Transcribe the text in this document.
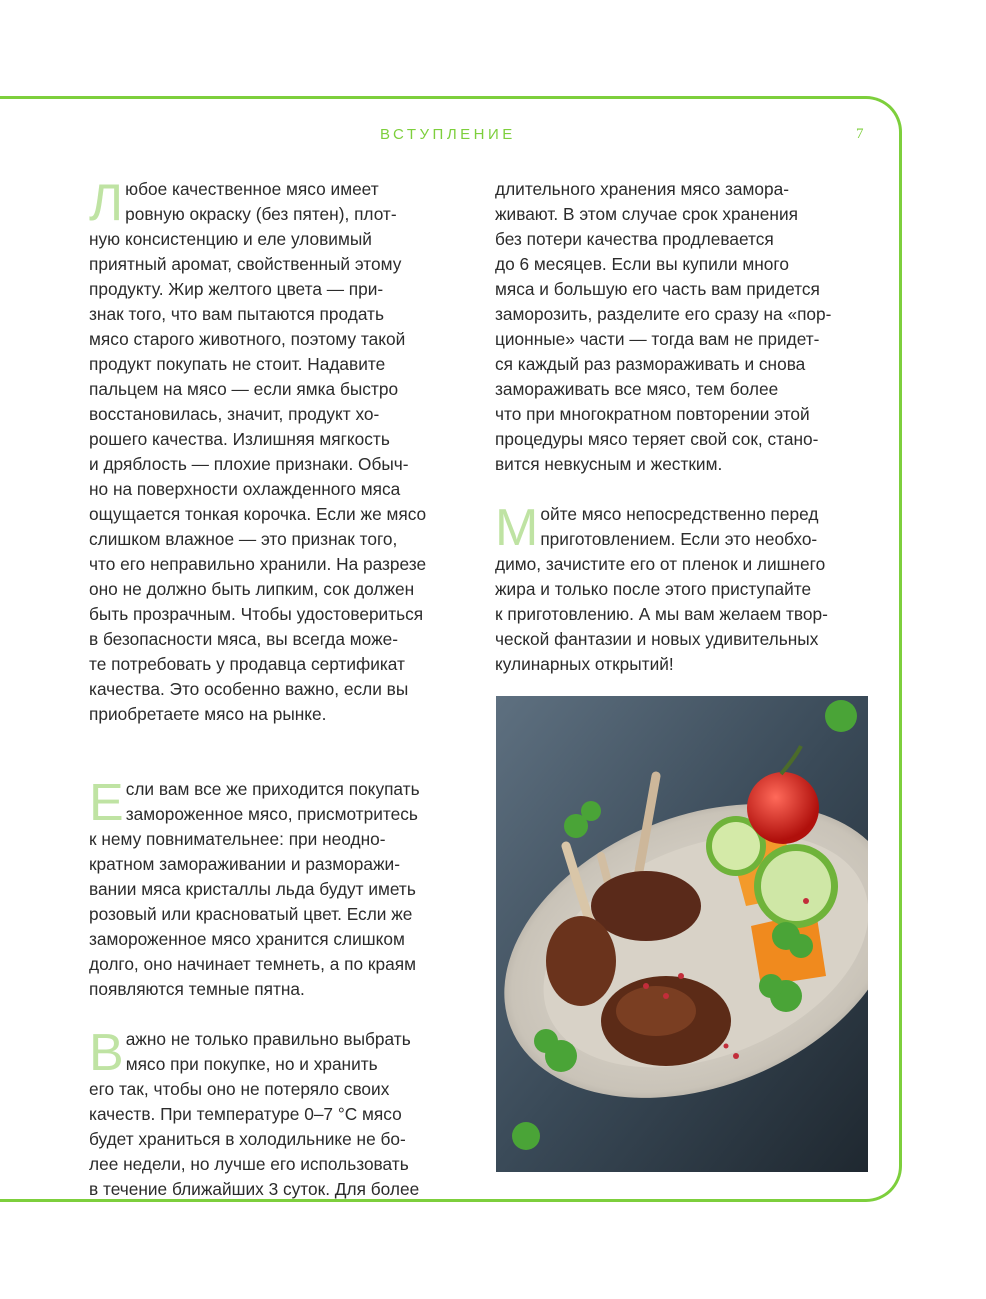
ВСТУПЛЕНИЕ	7

Л юбое качественное мясо имеет
ровную окраску (без пятен), плот-
ную консистенцию и еле уловимый
приятный аромат, свойственный этому
продукту. Жир желтого цвета — при-
знак того, что вам пытаются продать
мясо старого животного, поэтому такой
продукт покупать не стоит. Надавите
пальцем на мясо — если ямка быстро
восстановилась, значит, продукт хо-
рошего качества. Излишняя мягкость
и дряблость — плохие признаки. Обыч-
но на поверхности охлажденного мяса
ощущается тонкая корочка. Если же мясо
слишком влажное — это признак того,
что его неправильно хранили. На разрезе
оно не должно быть липким, сок должен
быть прозрачным. Чтобы удостовериться
в безопасности мяса, вы всегда може-
те потребовать у продавца сертификат
качества. Это особенно важно, если вы
приобретаете мясо на рынке.

Е сли вам все же приходится покупать
замороженное мясо, присмотритесь
к нему повнимательнее: при неодно-
кратном замораживании и разморажи-
вании мяса кристаллы льда будут иметь
розовый или красноватый цвет. Если же
замороженное мясо хранится слишком
долго, оно начинает темнеть, а по краям
появляются темные пятна.

В ажно не только правильно выбрать
мясо при покупке, но и хранить
его так, чтобы оно не потеряло своих
качеств. При температуре 0–7 °С мясо
будет храниться в холодильнике не бо-
лее недели, но лучше его использовать
в течение ближайших 3 суток. Для более

длительного хранения мясо замора-
живают. В этом случае срок хранения
без потери качества продлевается
до 6 месяцев. Если вы купили много
мяса и большую его часть вам придется
заморозить, разделите его сразу на «пор-
ционные» части — тогда вам не придет-
ся каждый раз размораживать и снова
замораживать все мясо, тем более
что при многократном повторении этой
процедуры мясо теряет свой сок, стано-
вится невкусным и жестким.

М ойте мясо непосредственно перед
приготовлением. Если это необхо-
димо, зачистите его от пленок и лишнего
жира и только после этого приступайте
к приготовлению. А мы вам желаем твор-
ческой фантазии и новых удивительных
кулинарных открытий!
